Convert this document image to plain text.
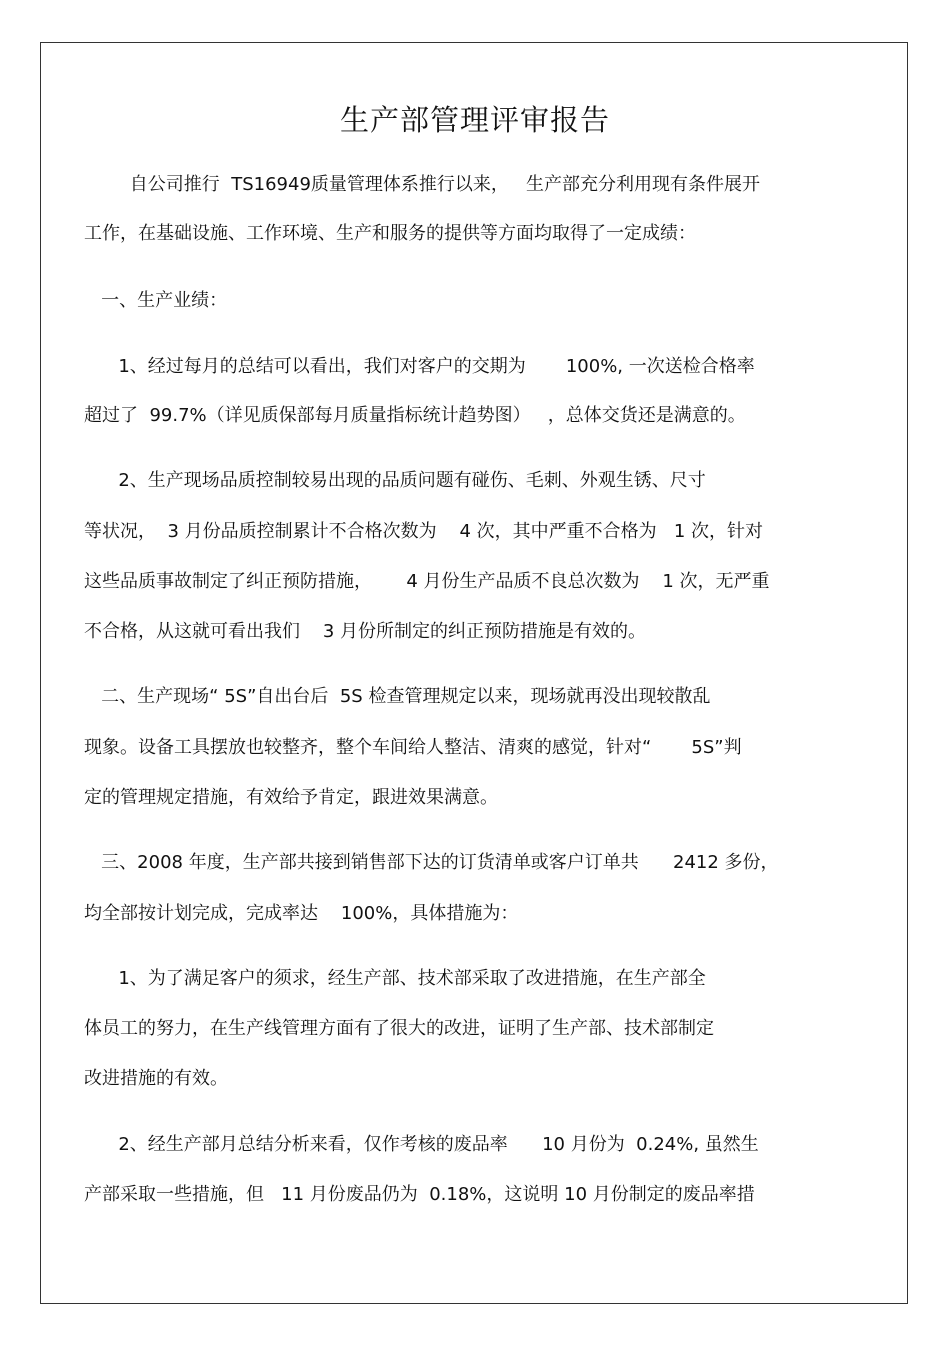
生产部管理评审报告
自公司推行  TS16949质量管理体系推行以来，   生产部充分利用现有条件展开
工作，在基础设施、工作环境、生产和服务的提供等方面均取得了一定成绩：
一、生产业绩：
1、经过每月的总结可以看出，我们对客户的交期为       100%, 一次送检合格率
超过了  99.7%（详见质保部每月质量指标统计趋势图）   ，总体交货还是满意的。
2、生产现场品质控制较易出现的品质问题有碰伤、毛刺、外观生锈、尺寸
等状况，  3 月份品质控制累计不合格次数为    4 次，其中严重不合格为   1 次，针对
这些品质事故制定了纠正预防措施，      4 月份生产品质不良总次数为    1 次，无严重
不合格，从这就可看出我们    3 月份所制定的纠正预防措施是有效的。
二、生产现场“ 5S”自出台后  5S 检查管理规定以来，现场就再没出现较散乱
现象。设备工具摆放也较整齐，整个车间给人整洁、清爽的感觉，针对“       5S”判
定的管理规定措施，有效给予肯定，跟进效果满意。
三、2008 年度，生产部共接到销售部下达的订货清单或客户订单共      2412 多份，
均全部按计划完成，完成率达    100%，具体措施为：
1、为了满足客户的须求，经生产部、技术部采取了改进措施，在生产部全
体员工的努力，在生产线管理方面有了很大的改进，证明了生产部、技术部制定
改进措施的有效。
2、经生产部月总结分析来看，仅作考核的废品率      10 月份为  0.24%, 虽然生
产部采取一些措施，但   11 月份废品仍为  0.18%，这说明 10 月份制定的废品率措
